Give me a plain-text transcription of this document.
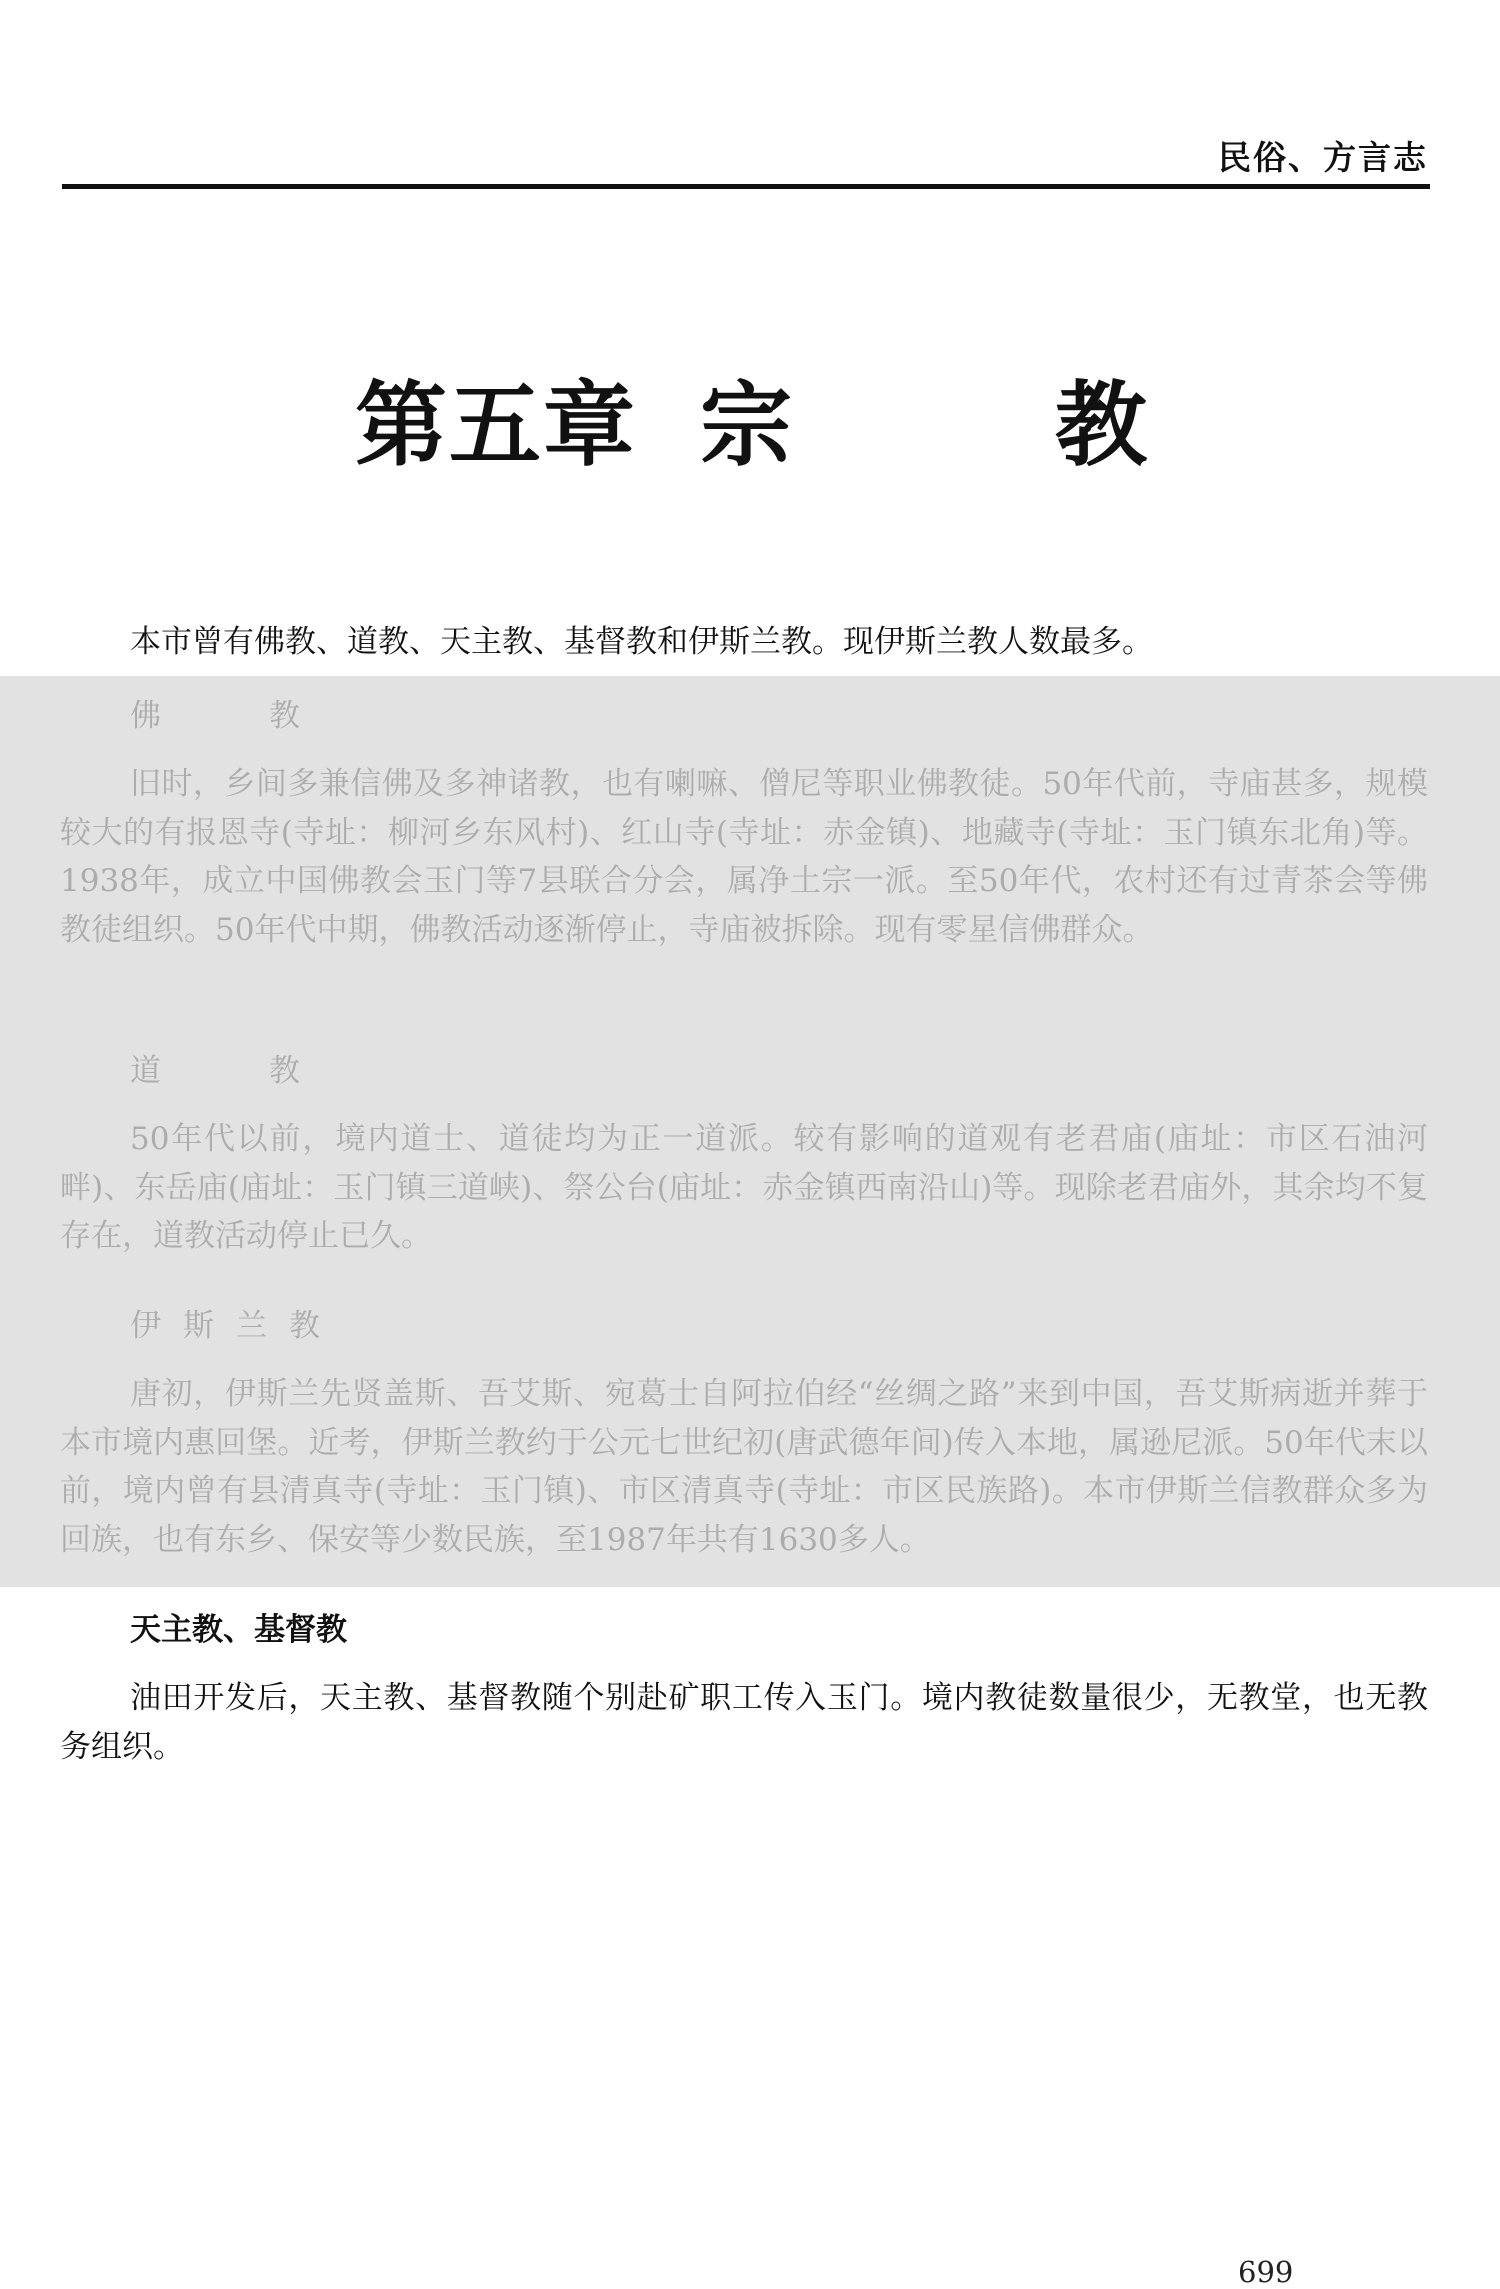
民俗、方言志
第五章 宗	教
本市曾有佛教、道教、天主教、基督教和伊斯兰教。现伊斯兰教人数最多。
佛教
旧时，乡间多兼信佛及多神诸教，也有喇嘛、僧尼等职业佛教徒。50年代前，寺庙甚多，规模较大的有报恩寺(寺址：柳河乡东风村)、红山寺(寺址：赤金镇)、地藏寺(寺址：玉门镇东北角)等。1938年，成立中国佛教会玉门等7县联合分会，属净土宗一派。至50年代，农村还有过青茶会等佛教徒组织。50年代中期，佛教活动逐渐停止，寺庙被拆除。现有零星信佛群众。
道教
50年代以前，境内道士、道徒均为正一道派。较有影响的道观有老君庙(庙址：市区石油河畔)、东岳庙(庙址：玉门镇三道峡)、祭公台(庙址：赤金镇西南沿山)等。现除老君庙外，其余均不复存在，道教活动停止已久。
伊斯兰教
唐初，伊斯兰先贤盖斯、吾艾斯、宛葛士自阿拉伯经“丝绸之路”来到中国，吾艾斯病逝并葬于本市境内惠回堡。近考，伊斯兰教约于公元七世纪初(唐武德年间)传入本地，属逊尼派。50年代末以前，境内曾有县清真寺(寺址：玉门镇)、市区清真寺(寺址：市区民族路)。本市伊斯兰信教群众多为回族，也有东乡、保安等少数民族，至1987年共有1630多人。
天主教、基督教
油田开发后，天主教、基督教随个别赴矿职工传入玉门。境内教徒数量很少，无教堂，也无教务组织。
699
